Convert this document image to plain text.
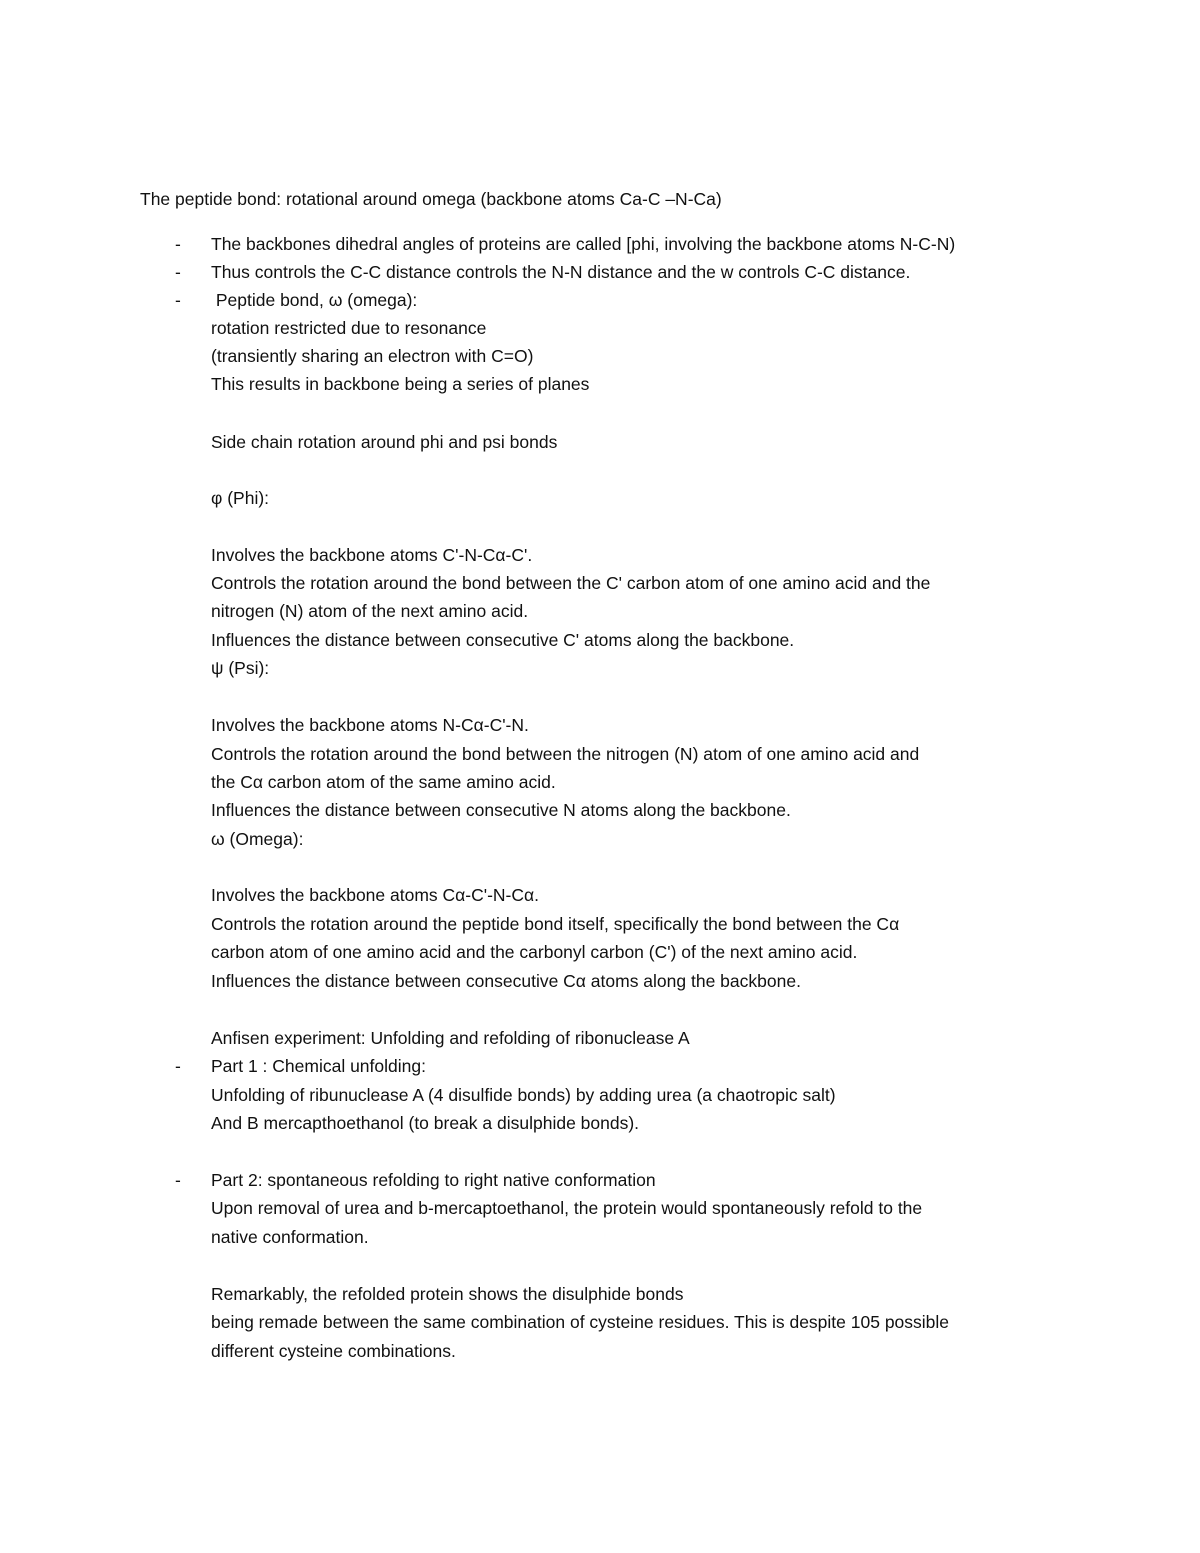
The peptide bond: rotational around omega (backbone atoms Ca-C –N-Ca)
- The backbones dihedral angles of proteins are called [phi, involving the backbone atoms N-C-N)
- Thus controls the C-C distance controls the N-N distance and the w controls C-C distance.
- Peptide bond, ω (omega):
rotation restricted due to resonance
(transiently sharing an electron with C=O)
This results in backbone being a series of planes
Side chain rotation around phi and psi bonds
φ (Phi):
Involves the backbone atoms C'-N-Cα-C'.
Controls the rotation around the bond between the C' carbon atom of one amino acid and the
nitrogen (N) atom of the next amino acid.
Influences the distance between consecutive C' atoms along the backbone.
ψ (Psi):
Involves the backbone atoms N-Cα-C'-N.
Controls the rotation around the bond between the nitrogen (N) atom of one amino acid and
the Cα carbon atom of the same amino acid.
Influences the distance between consecutive N atoms along the backbone.
ω (Omega):
Involves the backbone atoms Cα-C'-N-Cα.
Controls the rotation around the peptide bond itself, specifically the bond between the Cα
carbon atom of one amino acid and the carbonyl carbon (C') of the next amino acid.
Influences the distance between consecutive Cα atoms along the backbone.
Anfisen experiment: Unfolding and refolding of ribonuclease A
- Part 1 : Chemical unfolding:
Unfolding of ribunuclease A (4 disulfide bonds) by adding urea (a chaotropic salt)
And B mercapthoethanol (to break a disulphide bonds).
- Part 2: spontaneous refolding to right native conformation
Upon removal of urea and b-mercaptoethanol, the protein would spontaneously refold to the
native conformation.
Remarkably, the refolded protein shows the disulphide bonds
being remade between the same combination of cysteine residues. This is despite 105 possible
different cysteine combinations.
